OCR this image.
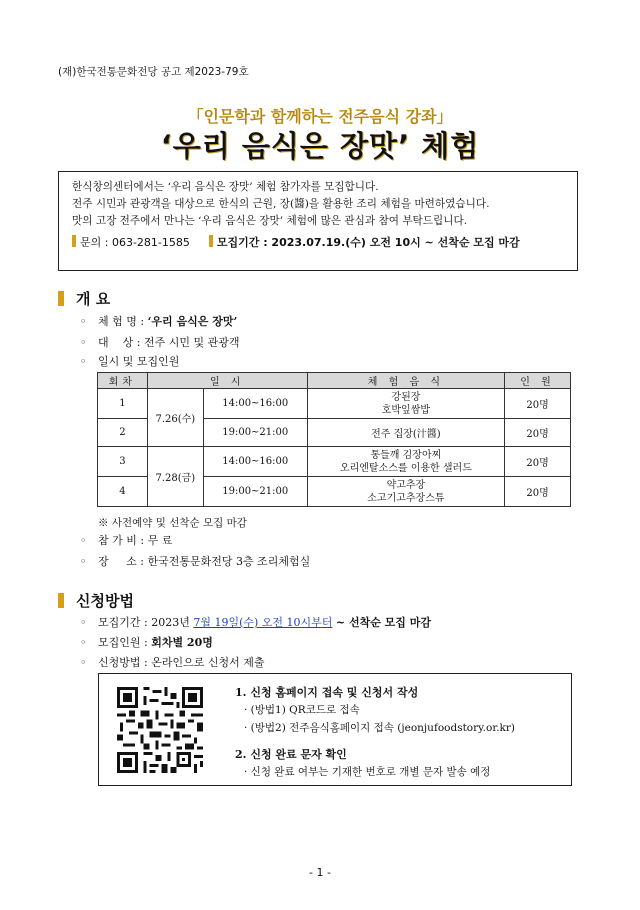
(재)한국전통문화전당 공고 제2023-79호
｢인문학과 함께하는 전주음식 강좌｣
‘우리 음식은 장맛’ 체험
한식창의센터에서는 ‘우리 음식은 장맛’ 체험 참가자를 모집합니다.
전주 시민과 관광객을 대상으로 한식의 근원, 장(醬)을 활용한 조리 체험을 마련하였습니다.
맛의 고장 전주에서 만나는 ‘우리 음식은 장맛’ 체험에 많은 관심과 참여 부탁드립니다.
문의 : 063-281-1585 모집기간 : 2023.07.19.(수) 오전 10시 ~ 선착순 모집 마감
개 요
◦ 체 험 명 : ‘우리 음식은 장맛’
◦ 대    상 : 전주 시민 및 관광객
◦ 일시 및 모집인원
회차	일 시		체 험 음 식	인 원
1	7.26(수)	14:00~16:00	강된장
호박잎쌈밥	20명
2		19:00~21:00	전주 집장(汁醬)	20명
3	7.28(금)	14:00~16:00	통들깨 김장아찌
오리엔탈소스를 이용한 샐러드	20명
4		19:00~21:00	약고추장
소고기고추장스튜	20명
※ 사전예약 및 선착순 모집 마감
◦ 참 가 비 : 무 료
◦ 장     소 : 한국전통문화전당 3층 조리체험실
신청방법
◦ 모집기간 : 2023년 7월 19일(수) 오전 10시부터 ~ 선착순 모집 마감
◦ 모집인원 : 회차별 20명
◦ 신청방법 : 온라인으로 신청서 제출
1. 신청 홈페이지 접속 및 신청서 작성
· (방법1) QR코드로 접속
· (방법2) 전주음식홈페이지 접속 (jeonjufoodstory.or.kr)
2. 신청 완료 문자 확인
· 신청 완료 여부는 기재한 번호로 개별 문자 발송 예정
- 1 -
